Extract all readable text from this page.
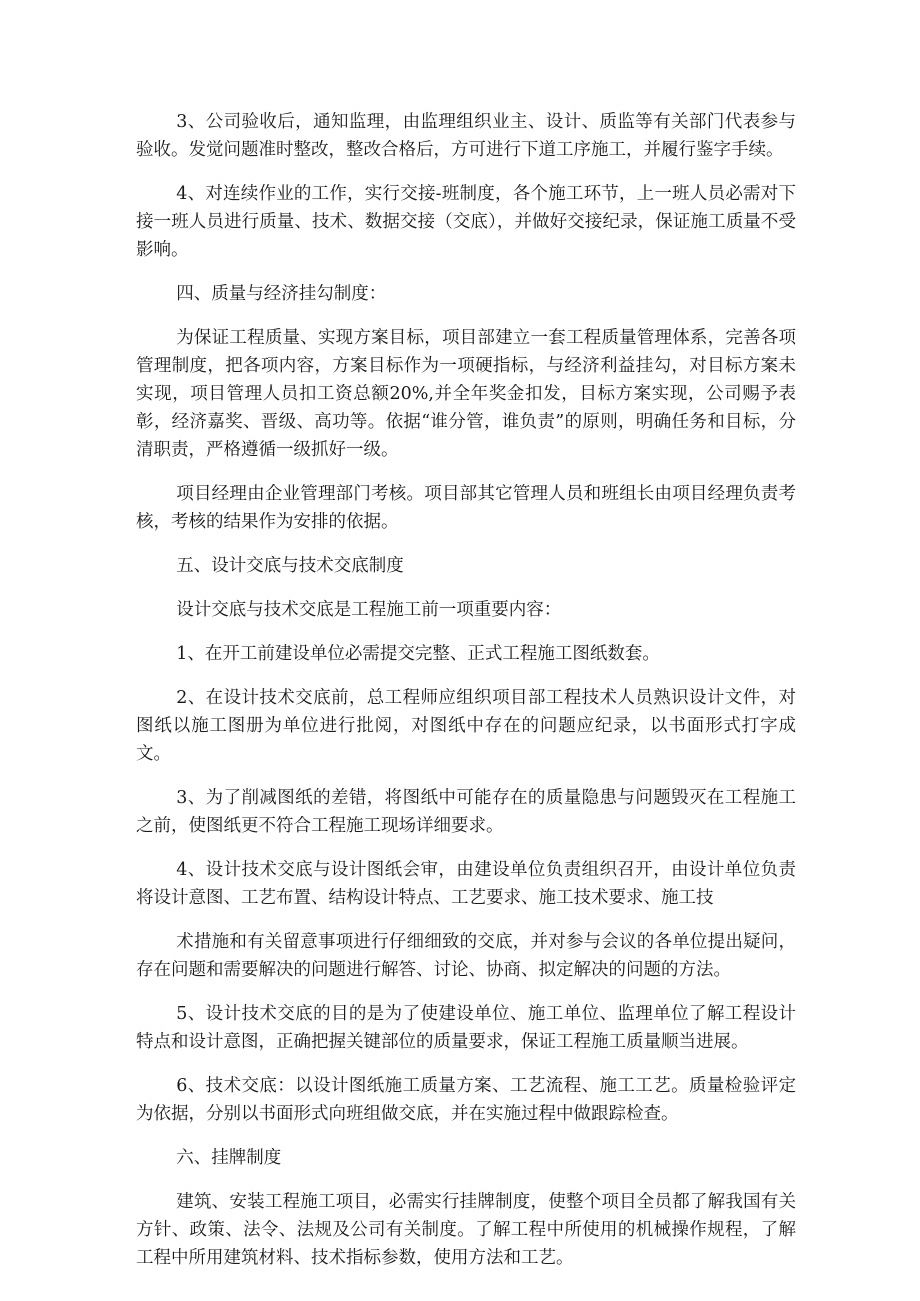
3、公司验收后，通知监理，由监理组织业主、设计、质监等有关部门代表参与验收。发觉问题准时整改，整改合格后，方可进行下道工序施工，并履行鉴字手续。

4、对连续作业的工作，实行交接-班制度，各个施工环节，上一班人员必需对下接一班人员进行质量、技术、数据交接（交底），并做好交接纪录，保证施工质量不受影响。

四、质量与经济挂勾制度：

为保证工程质量、实现方案目标，项目部建立一套工程质量管理体系，完善各项管理制度，把各项内容，方案目标作为一项硬指标，与经济利益挂勾，对目标方案未实现，项目管理人员扣工资总额20%,并全年奖金扣发，目标方案实现，公司赐予表彰，经济嘉奖、晋级、高功等。依据“谁分管，谁负责”的原则，明确任务和目标，分清职责，严格遵循一级抓好一级。

项目经理由企业管理部门考核。项目部其它管理人员和班组长由项目经理负责考核，考核的结果作为安排的依据。

五、设计交底与技术交底制度

设计交底与技术交底是工程施工前一项重要内容：

1、在开工前建设单位必需提交完整、正式工程施工图纸数套。

2、在设计技术交底前，总工程师应组织项目部工程技术人员熟识设计文件，对图纸以施工图册为单位进行批阅，对图纸中存在的问题应纪录，以书面形式打字成文。

3、为了削减图纸的差错，将图纸中可能存在的质量隐患与问题毁灭在工程施工之前，使图纸更不符合工程施工现场详细要求。

4、设计技术交底与设计图纸会审，由建设单位负责组织召开，由设计单位负责将设计意图、工艺布置、结构设计特点、工艺要求、施工技术要求、施工技

术措施和有关留意事项进行仔细细致的交底，并对参与会议的各单位提出疑问，存在问题和需要解决的问题进行解答、讨论、协商、拟定解决的问题的方法。

5、设计技术交底的目的是为了使建设单位、施工单位、监理单位了解工程设计特点和设计意图，正确把握关键部位的质量要求，保证工程施工质量顺当进展。

6、技术交底：以设计图纸施工质量方案、工艺流程、施工工艺。质量检验评定为依据，分别以书面形式向班组做交底，并在实施过程中做跟踪检查。

六、挂牌制度

建筑、安装工程施工项目，必需实行挂牌制度，使整个项目全员都了解我国有关方针、政策、法令、法规及公司有关制度。了解工程中所使用的机械操作规程，了解工程中所用建筑材料、技术指标参数，使用方法和工艺。
